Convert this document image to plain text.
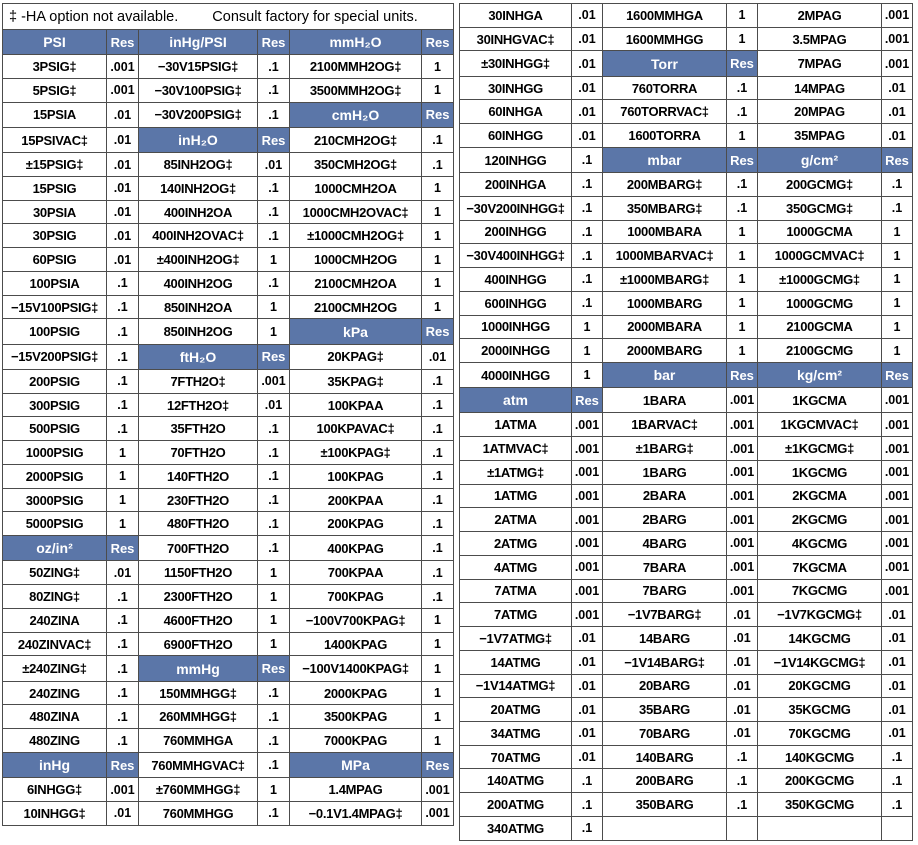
‡ -HA option not available. Consult factory for special units.					
PSI	Res	inHg/PSI	Res	mmH₂O	Res
3PSIG‡	.001	−30V15PSIG‡	.1	2100MMH2OG‡	1
5PSIG‡	.001	−30V100PSIG‡	.1	3500MMH2OG‡	1
15PSIA	.01	−30V200PSIG‡	.1	cmH₂O	Res
15PSIVAC‡	.01	inH₂O	Res	210CMH2OG‡	.1
±15PSIG‡	.01	85INH2OG‡	.01	350CMH2OG‡	.1
15PSIG	.01	140INH2OG‡	.1	1000CMH2OA	1
30PSIA	.01	400INH2OA	.1	1000CMH2OVAC‡	1
30PSIG	.01	400INH2OVAC‡	.1	±1000CMH2OG‡	1
60PSIG	.01	±400INH2OG‡	1	1000CMH2OG	1
100PSIA	.1	400INH2OG	.1	2100CMH2OA	1
−15V100PSIG‡	.1	850INH2OA	1	2100CMH2OG	1
100PSIG	.1	850INH2OG	1	kPa	Res
−15V200PSIG‡	.1	ftH₂O	Res	20KPAG‡	.01
200PSIG	.1	7FTH2O‡	.001	35KPAG‡	.1
300PSIG	.1	12FTH2O‡	.01	100KPAA	.1
500PSIG	.1	35FTH2O	.1	100KPAVAC‡	.1
1000PSIG	1	70FTH2O	.1	±100KPAG‡	.1
2000PSIG	1	140FTH2O	.1	100KPAG	.1
3000PSIG	1	230FTH2O	.1	200KPAA	.1
5000PSIG	1	480FTH2O	.1	200KPAG	.1
oz/in²	Res	700FTH2O	.1	400KPAG	.1
50ZING‡	.01	1150FTH2O	1	700KPAA	.1
80ZING‡	.1	2300FTH2O	1	700KPAG	.1
240ZINA	.1	4600FTH2O	1	−100V700KPAG‡	1
240ZINVAC‡	.1	6900FTH2O	1	1400KPAG	1
±240ZING‡	.1	mmHg	Res	−100V1400KPAG‡	1
240ZING	.1	150MMHGG‡	.1	2000KPAG	1
480ZINA	.1	260MMHGG‡	.1	3500KPAG	1
480ZING	.1	760MMHGA	.1	7000KPAG	1
inHg	Res	760MMHGVAC‡	.1	MPa	Res
6INHGG‡	.001	±760MMHGG‡	1	1.4MPAG	.001
10INHGG‡	.01	760MMHGG	.1	−0.1V1.4MPAG‡	.001
30INHGA	.01	1600MMHGA	1	2MPAG	.001
30INHGVAC‡	.01	1600MMHGG	1	3.5MPAG	.001
±30INHGG‡	.01	Torr	Res	7MPAG	.001
30INHGG	.01	760TORRA	.1	14MPAG	.01
60INHGA	.01	760TORRVAC‡	.1	20MPAG	.01
60INHGG	.01	1600TORRA	1	35MPAG	.01
120INHGG	.1	mbar	Res	g/cm²	Res
200INHGA	.1	200MBARG‡	.1	200GCMG‡	.1
−30V200INHGG‡	.1	350MBARG‡	.1	350GCMG‡	.1
200INHGG	.1	1000MBARA	1	1000GCMA	1
−30V400INHGG‡	.1	1000MBARVAC‡	1	1000GCMVAC‡	1
400INHGG	.1	±1000MBARG‡	1	±1000GCMG‡	1
600INHGG	.1	1000MBARG	1	1000GCMG	1
1000INHGG	1	2000MBARA	1	2100GCMA	1
2000INHGG	1	2000MBARG	1	2100GCMG	1
4000INHGG	1	bar	Res	kg/cm²	Res
atm	Res	1BARA	.001	1KGCMA	.001
1ATMA	.001	1BARVAC‡	.001	1KGCMVAC‡	.001
1ATMVAC‡	.001	±1BARG‡	.001	±1KGCMG‡	.001
±1ATMG‡	.001	1BARG	.001	1KGCMG	.001
1ATMG	.001	2BARA	.001	2KGCMA	.001
2ATMA	.001	2BARG	.001	2KGCMG	.001
2ATMG	.001	4BARG	.001	4KGCMG	.001
4ATMG	.001	7BARA	.001	7KGCMA	.001
7ATMA	.001	7BARG	.001	7KGCMG	.001
7ATMG	.001	−1V7BARG‡	.01	−1V7KGCMG‡	.01
−1V7ATMG‡	.01	14BARG	.01	14KGCMG	.01
14ATMG	.01	−1V14BARG‡	.01	−1V14KGCMG‡	.01
−1V14ATMG‡	.01	20BARG	.01	20KGCMG	.01
20ATMG	.01	35BARG	.01	35KGCMG	.01
34ATMG	.01	70BARG	.01	70KGCMG	.01
70ATMG	.01	140BARG	.1	140KGCMG	.1
140ATMG	.1	200BARG	.1	200KGCMG	.1
200ATMG	.1	350BARG	.1	350KGCMG	.1
340ATMG	.1				
